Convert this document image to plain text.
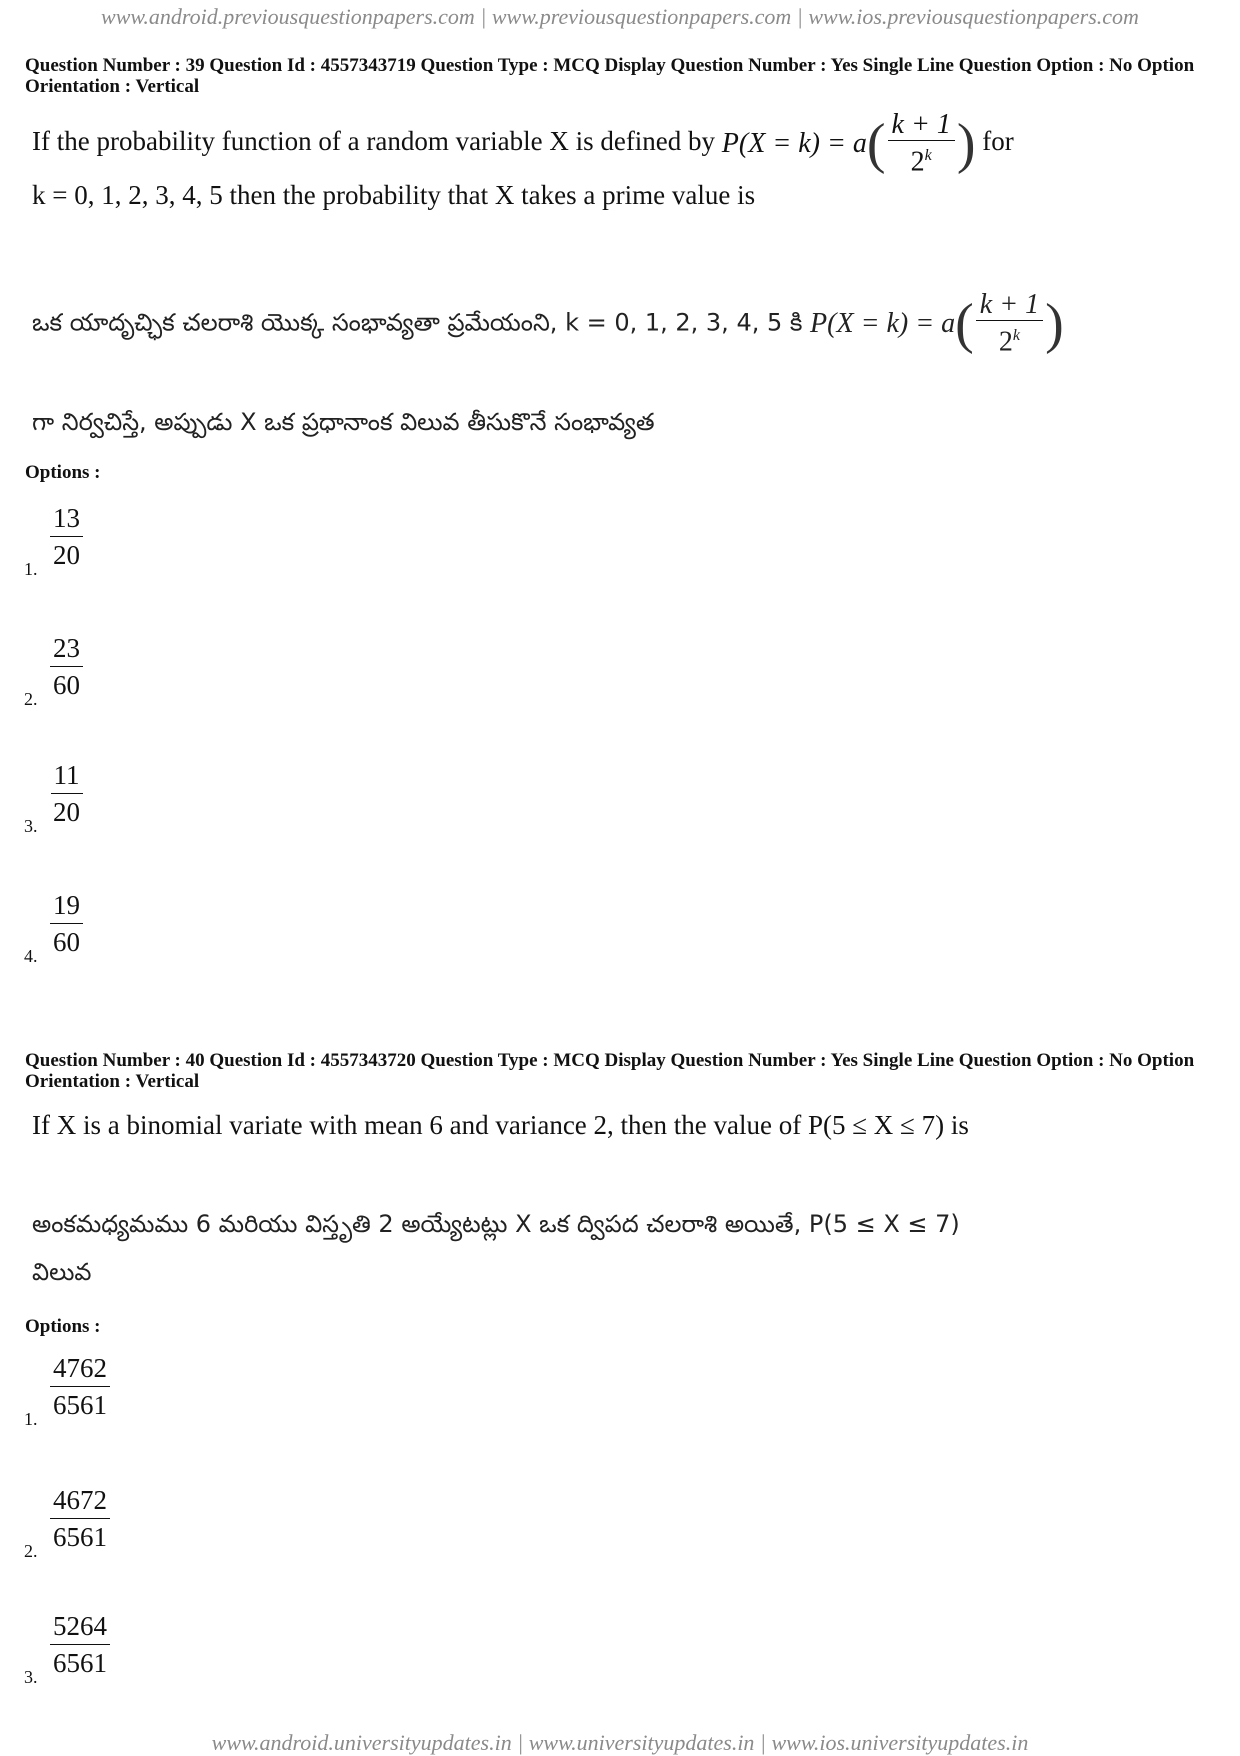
www.android.previousquestionpapers.com | www.previousquestionpapers.com | www.ios.previousquestionpapers.com
Question Number : 39 Question Id : 4557343719 Question Type : MCQ Display Question Number : Yes Single Line Question Option : No Option Orientation : Vertical
If the probability function of a random variable X is defined by P(X = k) = a ( $\frac{k + 1}{2^k}$ ) for
k = 0, 1, 2, 3, 4, 5 then the probability that X takes a prime value is
ఒక యాదృచ్ఛిక చలరాశి యొక్క సంభావ్యతా ప్రమేయంని, k = 0, 1, 2, 3, 4, 5 కి P(X = k) = a ( $\frac{k + 1}{2^k}$ )
గా నిర్వచిస్తే, అప్పుడు X ఒక ప్రధానాంక విలువ తీసుకొనే సంభావ్యత
Options :
1. $\frac{13}{20}$
2. $\frac{23}{60}$
3. $\frac{11}{20}$
4. $\frac{19}{60}$
Question Number : 40 Question Id : 4557343720 Question Type : MCQ Display Question Number : Yes Single Line Question Option : No Option Orientation : Vertical
If X is a binomial variate with mean 6 and variance 2, then the value of P(5 ≤ X ≤ 7) is
అంకమధ్యమము 6 మరియు విస్తృతి 2 అయ్యేటట్లు X ఒక ద్విపద చలరాశి అయితే, P(5 ≤ X ≤ 7)
విలువ
Options :
1. $\frac{4762}{6561}$
2. $\frac{4672}{6561}$
3. $\frac{5264}{6561}$
www.android.universityupdates.in | www.universityupdates.in | www.ios.universityupdates.in
